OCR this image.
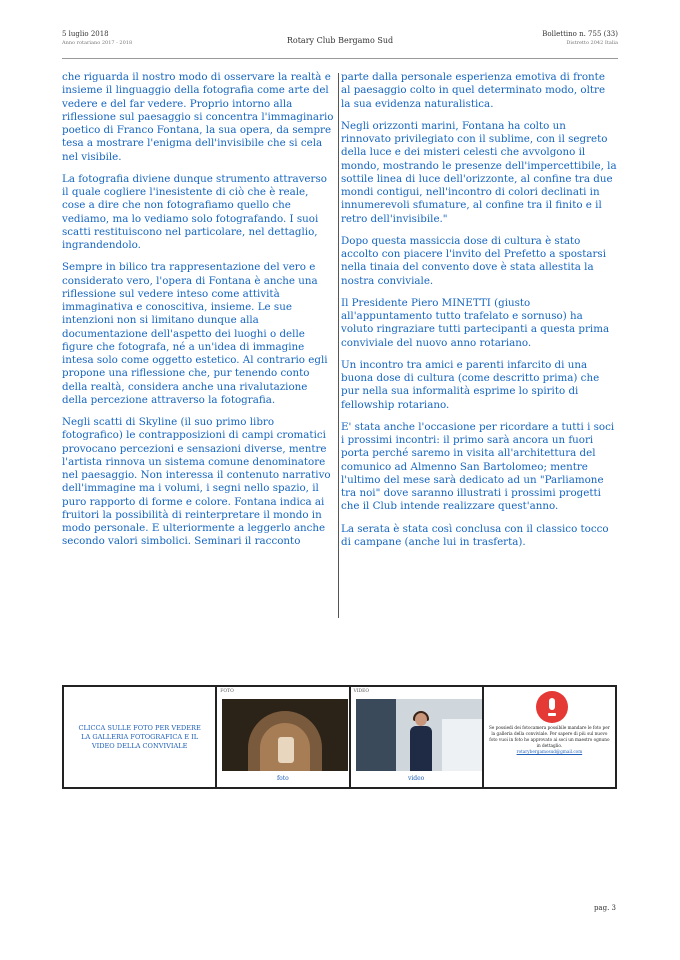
5 luglio 2018
Anno rotariano 2017 - 2018	Rotary Club Bergamo Sud
Bollettino n. 755 (33)
Distretto 2042 Italia

che riguarda il nostro modo di osservare la realtà e insieme il linguaggio della fotografia come arte del vedere e del far vedere. Proprio intorno alla riflessione sul paesaggio si concentra l'immaginario poetico di Franco Fontana, la sua opera, da sempre tesa a mostrare l'enigma dell'invisibile che si cela nel visibile.

La fotografia diviene dunque strumento attraverso il quale cogliere l'inesistente di ciò che è reale, cose a dire che non fotografiamo quello che vediamo, ma lo vediamo solo fotografando. I suoi scatti restituiscono nel particolare, nel dettaglio, ingrandendolo.

Sempre in bilico tra rappresentazione del vero e considerato vero, l'opera di Fontana è anche una riflessione sul vedere inteso come attività immaginativa e conoscitiva, insieme. Le sue intenzioni non si limitano dunque alla documentazione dell'aspetto dei luoghi o delle figure che fotografa, né a un'idea di immagine intesa solo come oggetto estetico. Al contrario egli propone una riflessione che, pur tenendo conto della realtà, considera anche una rivalutazione della percezione attraverso la fotografia.

Negli scatti di Skyline (il suo primo libro fotografico) le contrapposizioni di campi cromatici provocano percezioni e sensazioni diverse, mentre l'artista rinnova un sistema comune denominatore nel paesaggio. Non interessa il contenuto narrativo dell'immagine ma i volumi, i segni nello spazio, il puro rapporto di forme e colore. Fontana indica ai fruitori la possibilità di reinterpretare il mondo in modo personale. E ulteriormente a leggerlo anche secondo valori simbolici. Seminari il racconto

parte dalla personale esperienza emotiva di fronte al paesaggio colto in quel determinato modo, oltre la sua evidenza naturalistica.

Negli orizzonti marini, Fontana ha colto un rinnovato privilegiato con il sublime, con il segreto della luce e dei misteri celesti che avvolgono il mondo, mostrando le presenze dell'impercettibile, la sottile linea di luce dell'orizzonte, al confine tra due mondi contigui, nell'incontro di colori declinati in innumerevoli sfumature, al confine tra il finito e il retro dell'invisibile."

Dopo questa massiccia dose di cultura è stato accolto con piacere l'invito del Prefetto a spostarsi nella tinaia del convento dove è stata allestita la nostra conviviale.

Il Presidente Piero MINETTI (giusto all'appuntamento tutto trafelato e sornuso) ha voluto ringraziare tutti partecipanti a questa prima conviviale del nuovo anno rotariano.

Un incontro tra amici e parenti infarcito di una buona dose di cultura (come descritto prima) che pur nella sua informalità esprime lo spirito di fellowship rotariano.

E' stata anche l'occasione per ricordare a tutti i soci i prossimi incontri: il primo sarà ancora un fuori porta perché saremo in visita all'architettura del comunico ad Almenno San Bartolomeo; mentre l'ultimo del mese sarà dedicato ad un "Parliamone tra noi" dove saranno illustrati i prossimi progetti che il Club intende realizzare quest'anno.

La serata è stata così conclusa con il classico tocco di campane (anche lui in trasferta).

CLICCA SULLE FOTO PER VEDERE LA GALLERIA FOTOGRAFICA E IL VIDEO DELLA CONVIVIALE
FOTO
foto
VIDEO
video
Se possiedi dei fotocamera possibile mandare le foto per la galleria della conviviale. Per sapere di più sul nuovo foto vuoi in foto ho approvato ai soci un maestro ognuno in dettaglio.
rotarybergamosud@gmail.com
pag. 3
